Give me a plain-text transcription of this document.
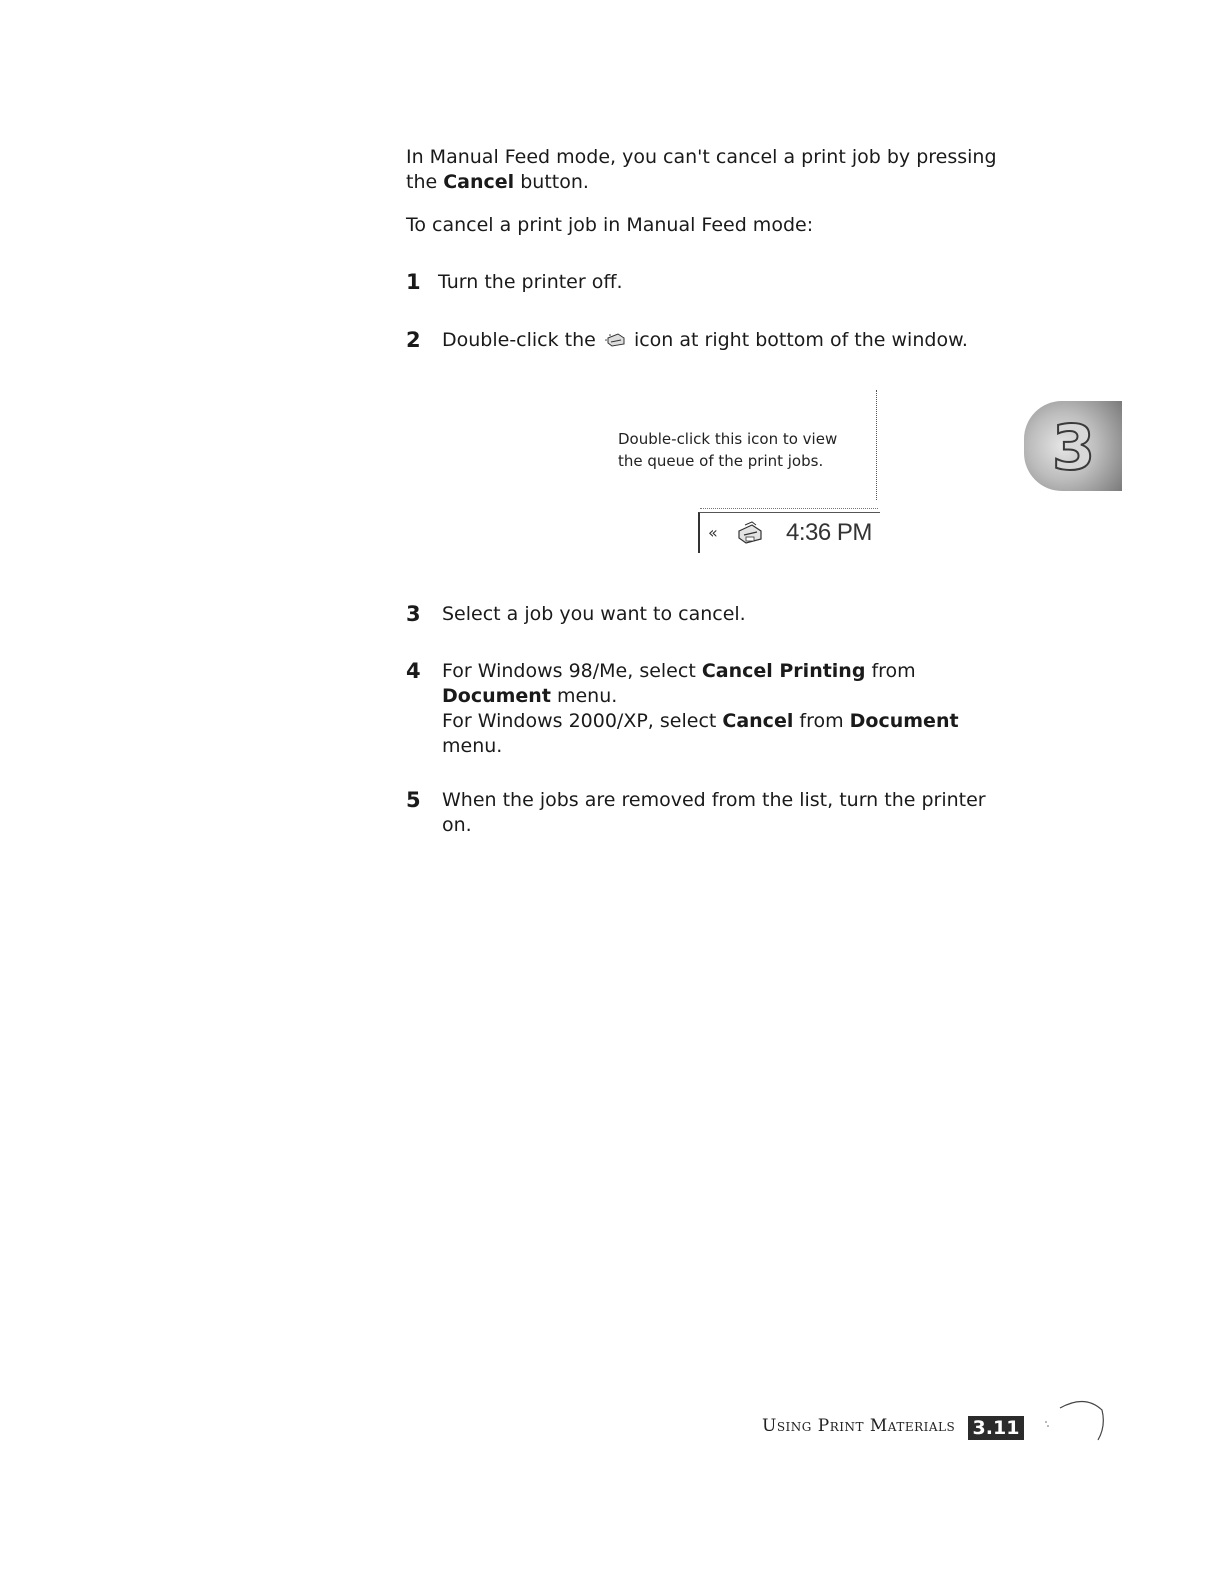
In Manual Feed mode, you can't cancel a print job by pressing
the Cancel button.

To cancel a print job in Manual Feed mode:

1 Turn the printer off.
2 Double-click the  icon at right bottom of the window.
Double-click this icon to view
the queue of the print jobs.
«	4:36 PM
3 Select a job you want to cancel.
4 For Windows 98/Me, select Cancel Printing from
Document menu.
For Windows 2000/XP, select Cancel from Document
menu.
5 When the jobs are removed from the list, turn the printer
on.
3
Using Print Materials 3.11
